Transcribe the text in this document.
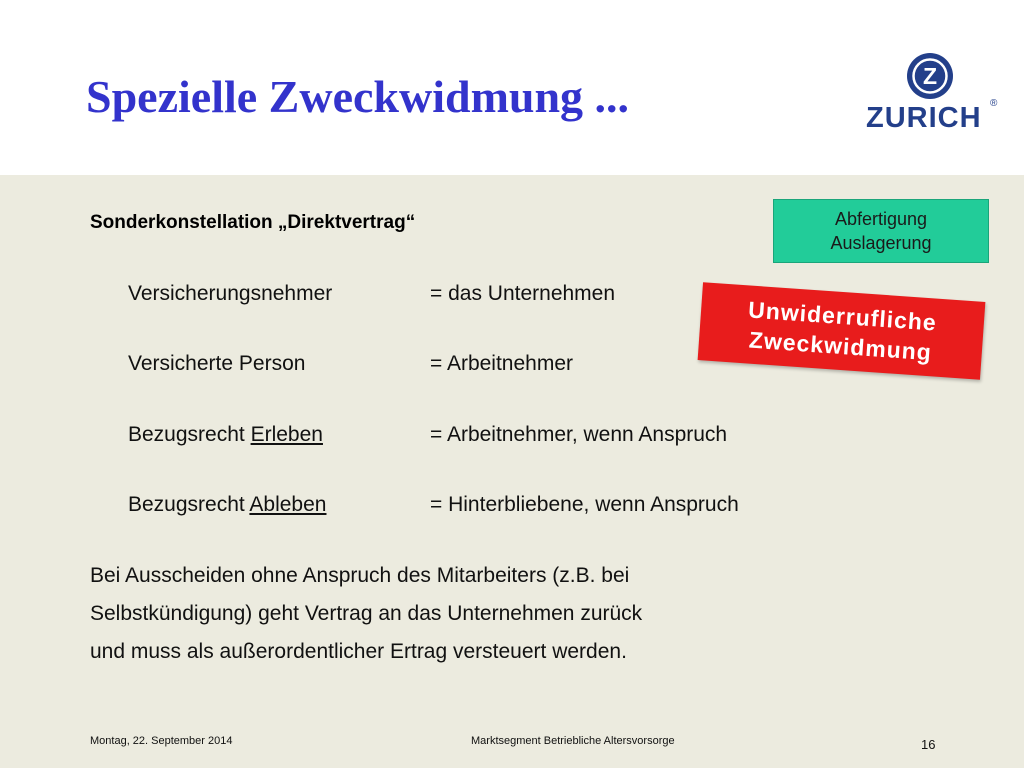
Spezielle Zweckwidmung ...	Z
ZURICH ®
Sonderkonstellation „Direktvertrag“	Abfertigung
Auslagerung
Unwiderrufliche
Zweckwidmung
Versicherungsnehmer	= das Unternehmen
Versicherte Person	= Arbeitnehmer
Bezugsrecht Erleben	= Arbeitnehmer, wenn Anspruch
Bezugsrecht Ableben	= Hinterbliebene, wenn Anspruch
Bei Ausscheiden ohne Anspruch des Mitarbeiters (z.B. bei
Selbstkündigung) geht Vertrag an das Unternehmen zurück
und muss als außerordentlicher Ertrag versteuert werden.
Montag, 22. September 2014	Marktsegment Betriebliche Altersvorsorge	16
